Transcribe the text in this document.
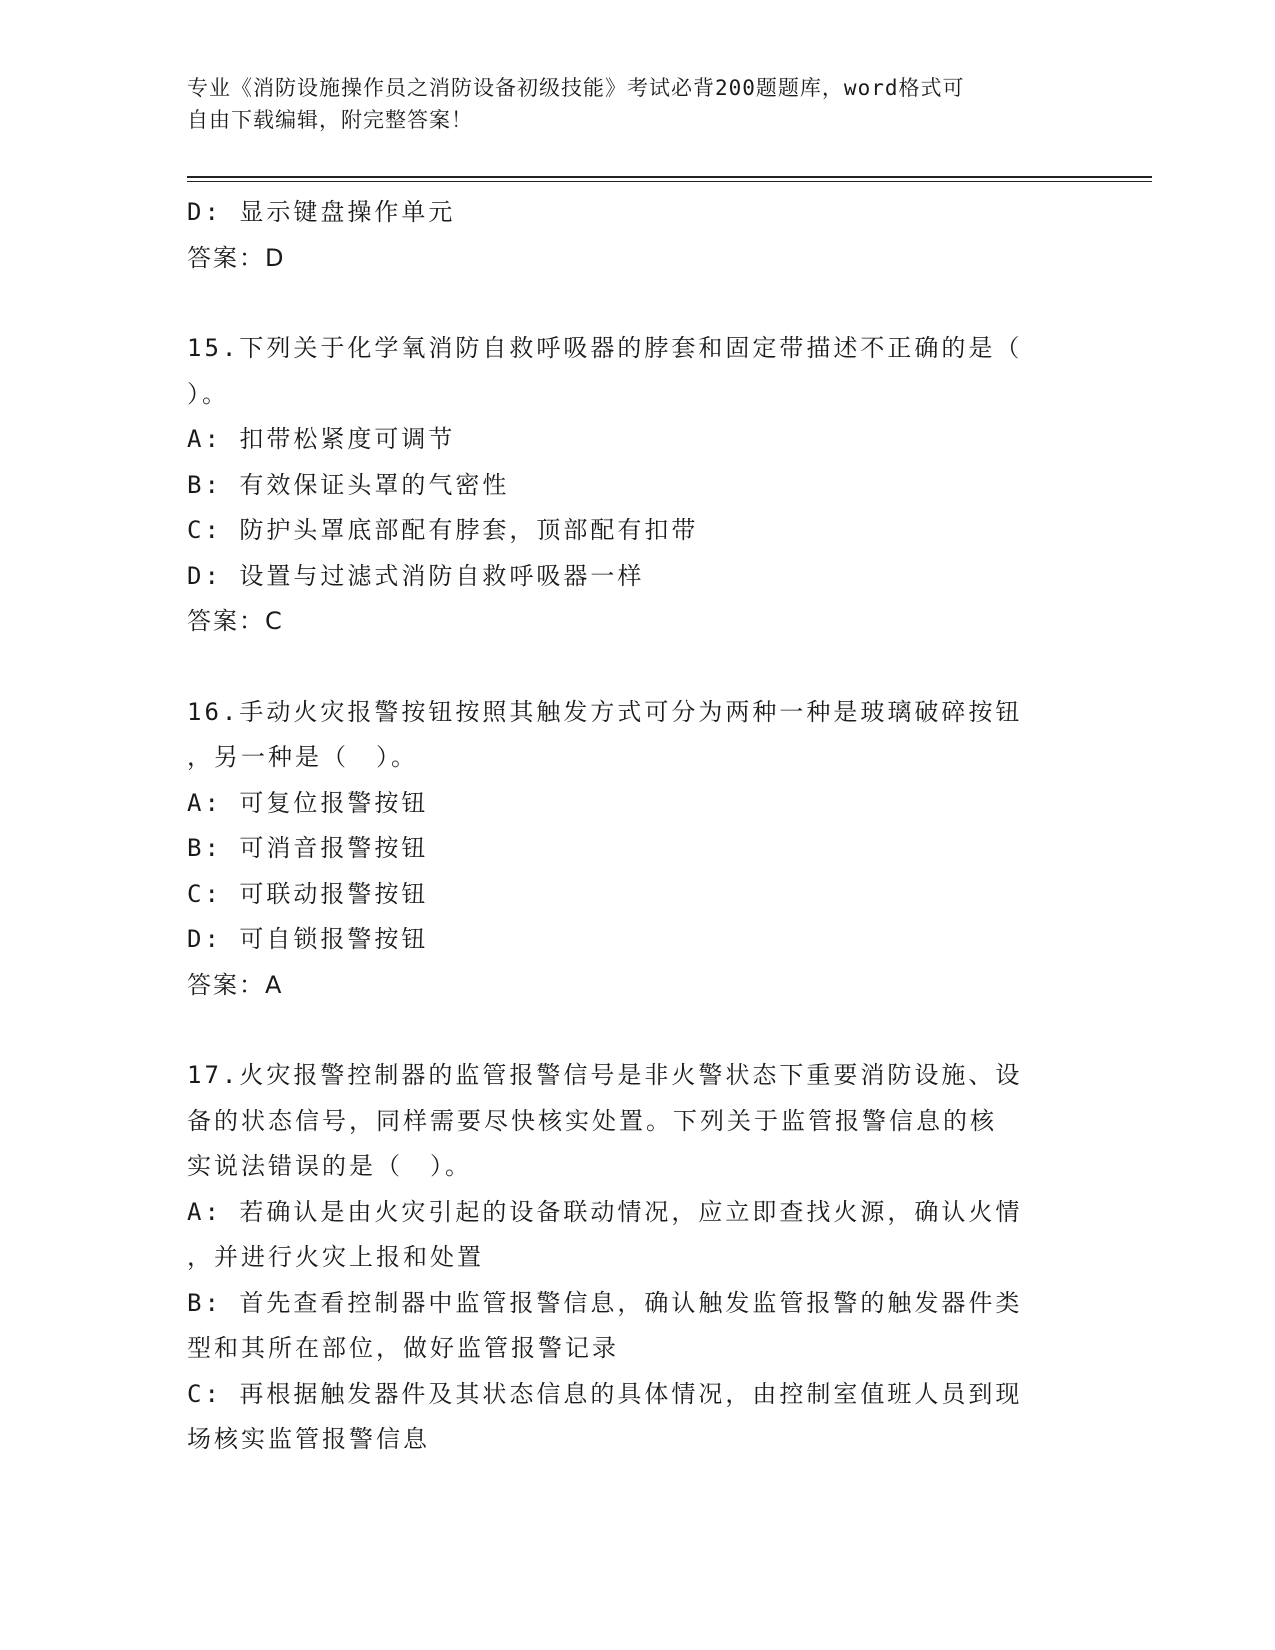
专业《消防设施操作员之消防设备初级技能》考试必背200题题库，word格式可
自由下载编辑，附完整答案！
D: 显示键盘操作单元
答案：D
15.下列关于化学氧消防自救呼吸器的脖套和固定带描述不正确的是（
）。
A: 扣带松紧度可调节
B: 有效保证头罩的气密性
C: 防护头罩底部配有脖套，顶部配有扣带
D: 设置与过滤式消防自救呼吸器一样
答案：C
16.手动火灾报警按钮按照其触发方式可分为两种一种是玻璃破碎按钮
，另一种是（　）。
A: 可复位报警按钮
B: 可消音报警按钮
C: 可联动报警按钮
D: 可自锁报警按钮
答案：A
17.火灾报警控制器的监管报警信号是非火警状态下重要消防设施、设
备的状态信号，同样需要尽快核实处置。下列关于监管报警信息的核
实说法错误的是（　）。
A: 若确认是由火灾引起的设备联动情况，应立即查找火源，确认火情
，并进行火灾上报和处置
B: 首先查看控制器中监管报警信息，确认触发监管报警的触发器件类
型和其所在部位，做好监管报警记录
C: 再根据触发器件及其状态信息的具体情况，由控制室值班人员到现
场核实监管报警信息
